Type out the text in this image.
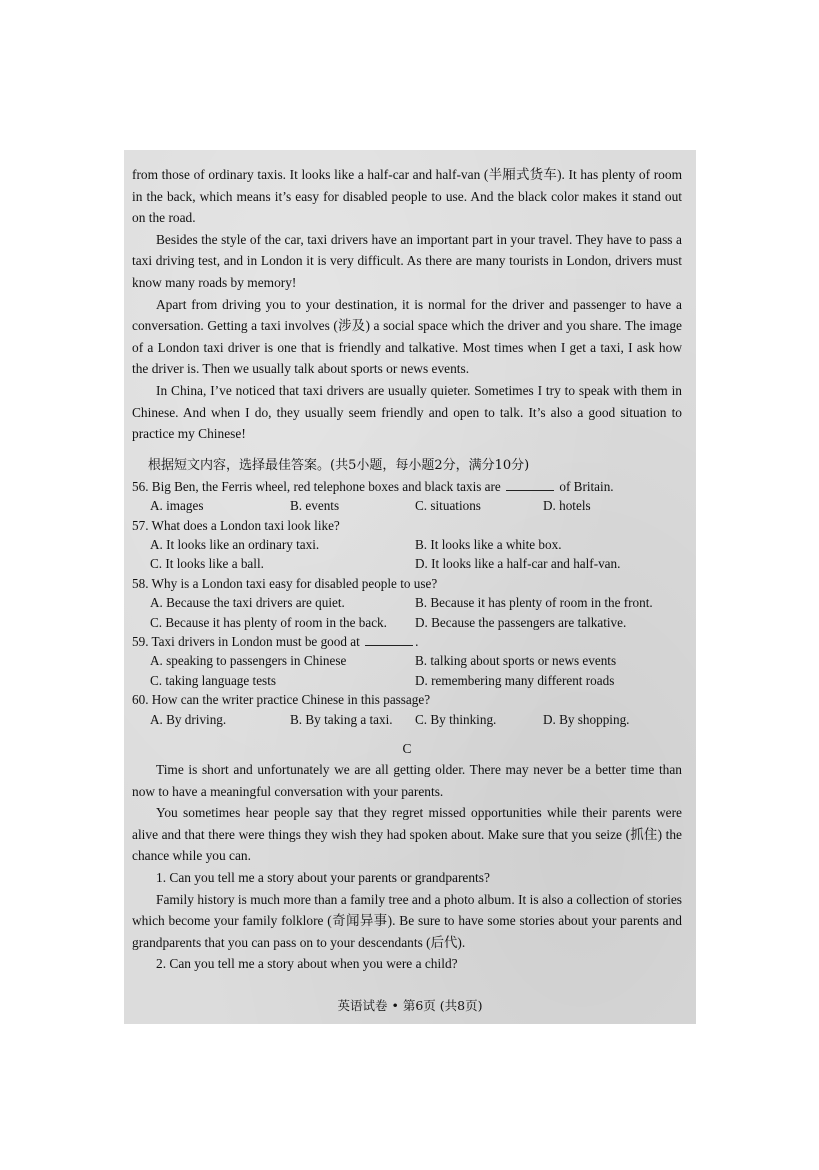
from those of ordinary taxis. It looks like a half-car and half-van (半厢式货车). It has plenty of room in the back, which means it’s easy for disabled people to use. And the black color makes it stand out on the road.

Besides the style of the car, taxi drivers have an important part in your travel. They have to pass a taxi driving test, and in London it is very difficult. As there are many tourists in London, drivers must know many roads by memory!

Apart from driving you to your destination, it is normal for the driver and passenger to have a conversation. Getting a taxi involves (涉及) a social space which the driver and you share. The image of a London taxi driver is one that is friendly and talkative. Most times when I get a taxi, I ask how the driver is. Then we usually talk about sports or news events.

In China, I’ve noticed that taxi drivers are usually quieter. Sometimes I try to speak with them in Chinese. And when I do, they usually seem friendly and open to talk. It’s also a good situation to practice my Chinese!

根据短文内容，选择最佳答案。(共5小题，每小题2分，满分10分)

56. Big Ben, the Ferris wheel, red telephone boxes and black taxis are	of Britain.

A. images	B. events	C. situations	D. hotels

57. What does a London taxi look like?

A. It looks like an ordinary taxi.	B. It looks like a white box.
C. It looks like a ball.	D. It looks like a half-car and half-van.

58. Why is a London taxi easy for disabled people to use?

A. Because the taxi drivers are quiet.	B. Because it has plenty of room in the front.
C. Because it has plenty of room in the back.	D. Because the passengers are talkative.

59. Taxi drivers in London must be good at	.

A. speaking to passengers in Chinese	B. talking about sports or news events
C. taking language tests	D. remembering many different roads

60. How can the writer practice Chinese in this passage?

A. By driving.	B. By taking a taxi.	C. By thinking.	D. By shopping.
C

Time is short and unfortunately we are all getting older. There may never be a better time than now to have a meaningful conversation with your parents.

You sometimes hear people say that they regret missed opportunities while their parents were alive and that there were things they wish they had spoken about. Make sure that you seize (抓住) the chance while you can.

1. Can you tell me a story about your parents or grandparents?

Family history is much more than a family tree and a photo album. It is also a collection of stories which become your family folklore (奇闻异事). Be sure to have some stories about your parents and grandparents that you can pass on to your descendants (后代).

2. Can you tell me a story about when you were a child?

英语试卷 • 第6页 (共8页)
